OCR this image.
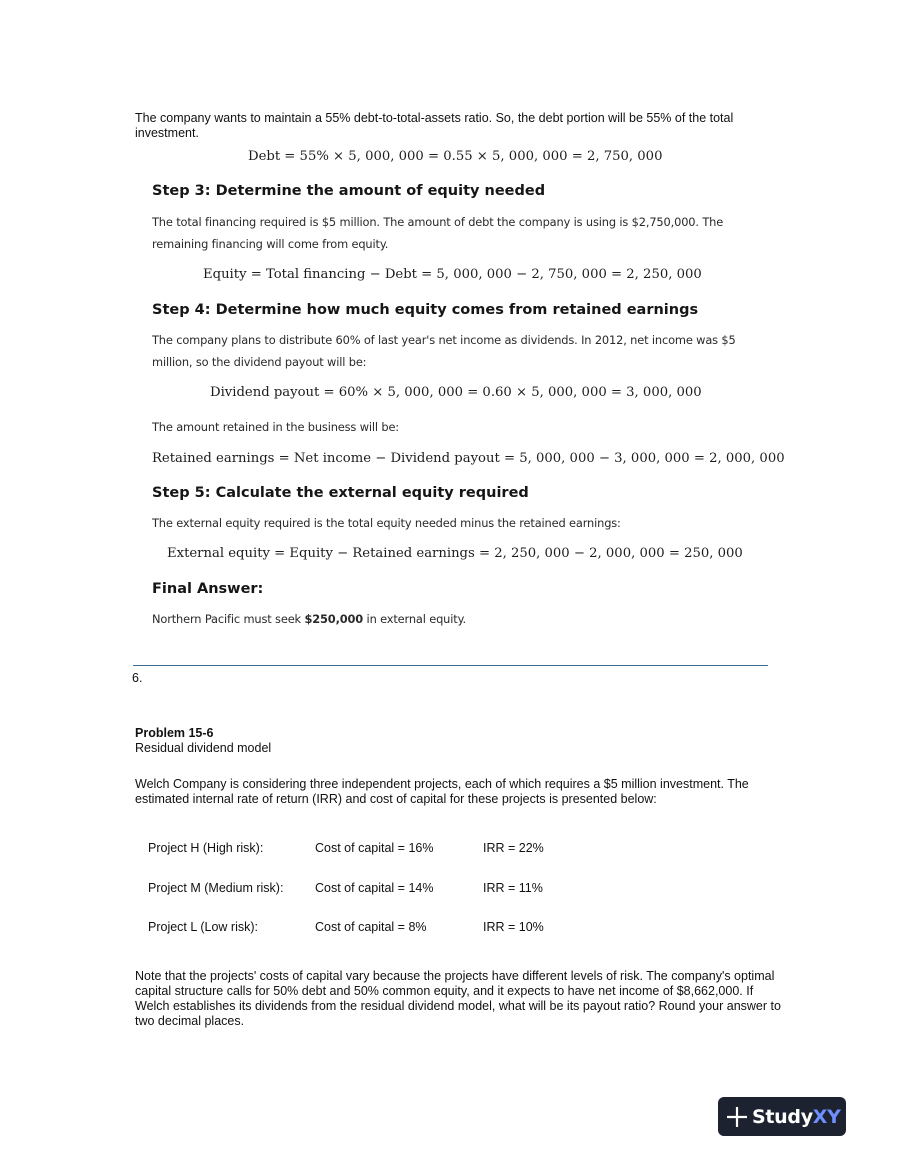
The company wants to maintain a 55% debt-to-total-assets ratio. So, the debt portion will be 55% of the total investment.
Debt = 55% × 5, 000, 000 = 0.55 × 5, 000, 000 = 2, 750, 000
Step 3: Determine the amount of equity needed
The total financing required is $5 million. The amount of debt the company is using is $2,750,000. The remaining financing will come from equity.
Equity = Total financing − Debt = 5, 000, 000 − 2, 750, 000 = 2, 250, 000
Step 4: Determine how much equity comes from retained earnings
The company plans to distribute 60% of last year's net income as dividends. In 2012, net income was $5 million, so the dividend payout will be:
Dividend payout = 60% × 5, 000, 000 = 0.60 × 5, 000, 000 = 3, 000, 000
The amount retained in the business will be:
Retained earnings = Net income − Dividend payout = 5, 000, 000 − 3, 000, 000 = 2, 000, 000
Step 5: Calculate the external equity required
The external equity required is the total equity needed minus the retained earnings:
External equity = Equity − Retained earnings = 2, 250, 000 − 2, 000, 000 = 250, 000
Final Answer:
Northern Pacific must seek $250,000 in external equity.
6.
Problem 15-6
Residual dividend model
Welch Company is considering three independent projects, each of which requires a $5 million investment. The estimated internal rate of return (IRR) and cost of capital for these projects is presented below:
Project H (High risk):	Cost of capital = 16%	IRR = 22%
Project M (Medium risk):	Cost of capital = 14%	IRR = 11%
Project L (Low risk):	Cost of capital = 8%	IRR = 10%
Note that the projects' costs of capital vary because the projects have different levels of risk. The company's optimal capital structure calls for 50% debt and 50% common equity, and it expects to have net income of $8,662,000. If Welch establishes its dividends from the residual dividend model, what will be its payout ratio? Round your answer to two decimal places.
StudyXY
